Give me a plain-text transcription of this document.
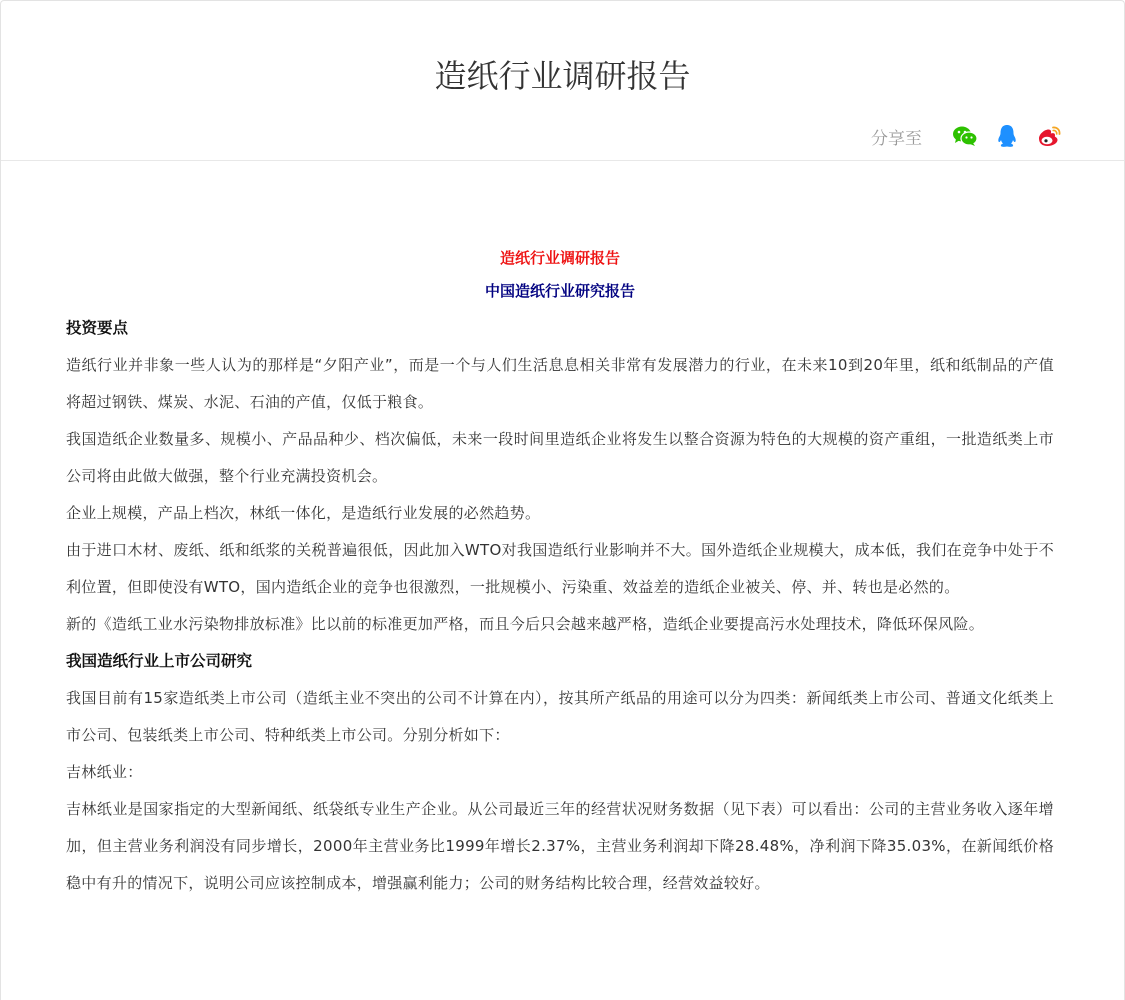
造纸行业调研报告
分享至
造纸行业调研报告
中国造纸行业研究报告
投资要点

造纸行业并非象一些人认为的那样是“夕阳产业”，而是一个与人们生活息息相关非常有发展潜力的行业，在未来10到20年里，纸和纸制品的产值将超过钢铁、煤炭、水泥、石油的产值，仅低于粮食。

我国造纸企业数量多、规模小、产品品种少、档次偏低，未来一段时间里造纸企业将发生以整合资源为特色的大规模的资产重组，一批造纸类上市公司将由此做大做强，整个行业充满投资机会。

企业上规模，产品上档次，林纸一体化，是造纸行业发展的必然趋势。

由于进口木材、废纸、纸和纸浆的关税普遍很低，因此加入WTO对我国造纸行业影响并不大。国外造纸企业规模大，成本低，我们在竞争中处于不利位置，但即使没有WTO，国内造纸企业的竞争也很激烈，一批规模小、污染重、效益差的造纸企业被关、停、并、转也是必然的。

新的《造纸工业水污染物排放标准》比以前的标准更加严格，而且今后只会越来越严格，造纸企业要提高污水处理技术，降低环保风险。

我国造纸行业上市公司研究

我国目前有15家造纸类上市公司（造纸主业不突出的公司不计算在内），按其所产纸品的用途可以分为四类：新闻纸类上市公司、普通文化纸类上市公司、包装纸类上市公司、特种纸类上市公司。分别分析如下：

吉林纸业：

吉林纸业是国家指定的大型新闻纸、纸袋纸专业生产企业。从公司最近三年的经营状况财务数据（见下表）可以看出：公司的主营业务收入逐年增加，但主营业务利润没有同步增长，2000年主营业务比1999年增长2.37%，主营业务利润却下降28.48%，净利润下降35.03%，在新闻纸价格稳中有升的情况下，说明公司应该控制成本，增强赢利能力；公司的财务结构比较合理，经营效益较好。
